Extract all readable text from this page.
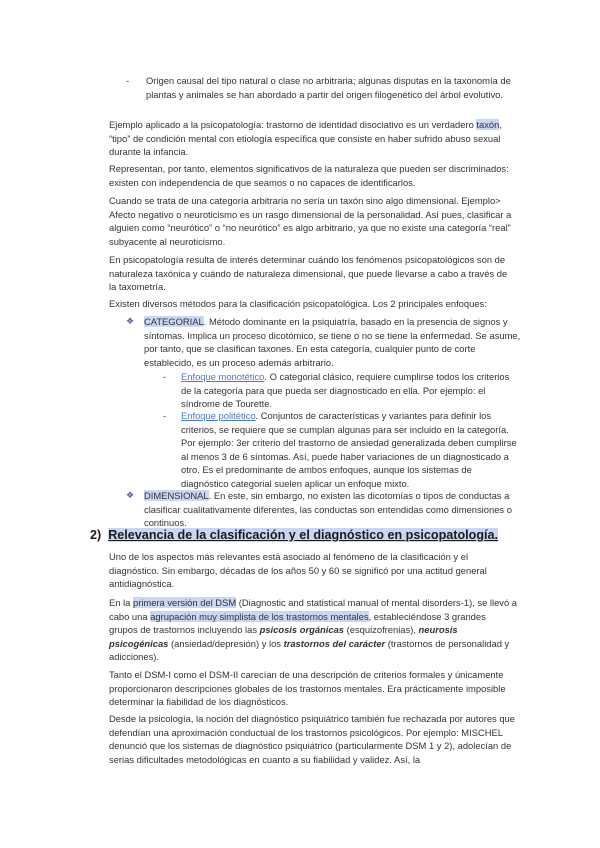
-	Origen causal del tipo natural o clase no arbitraria; algunas disputas en la taxonomía de plantas y animales se han abordado a partir del origen filogenético del árbol evolutivo.

Ejemplo aplicado a la psicopatología: trastorno de identidad disociativo es un verdadero taxón, “tipo” de condición mental con etiología específica que consiste en haber sufrido abuso sexual durante la infancia.

Representan, por tanto, elementos significativos de la naturaleza que pueden ser discriminados: existen con independencia de que seamos o no capaces de identificarlos.

Cuando se trata de una categoría arbitraria no sería un taxón sino algo dimensional. Ejemplo> Afecto negativo o neuroticismo es un rasgo dimensional de la personalidad. Así pues, clasificar a alguien como “neurótico” o “no neurótico” es algo arbitrario, ya que no existe una categoría “real” subyacente al neuroticismo.

En psicopatología resulta de interés determinar cuándo los fenómenos psicopatológicos son de naturaleza taxónica y cuándo de naturaleza dimensional, que puede llevarse a cabo a través de la taxometría.

Existen diversos métodos para la clasificación psicopatológica. Los 2 principales enfoques:

❖ CATEGORIAL. Método dominante en la psiquiatría, basado en la presencia de signos y síntomas. Implica un proceso dicotómico, se tiene o no se tiene la enfermedad. Se asume, por tanto, que se clasifican taxones. En esta categoría, cualquier punto de corte establecido, es un proceso además arbitrario.

-	Enfoque monotético. O categorial clásico, requiere cumplirse todos los criterios de la categoría para que pueda ser diagnosticado en ella. Por ejemplo: el síndrome de Tourette.

-	Enfoque politético. Conjuntos de características y variantes para definir los criterios, se requiere que se cumplan algunas para ser incluido en la categoría. Por ejemplo: 3er criterio del trastorno de ansiedad generalizada deben cumplirse al menos 3 de 6 síntomas. Así, puede haber variaciones de un diagnosticado a otro. Es el predominante de ambos enfoques, aunque los sistemas de diagnóstico categorial suelen aplicar un enfoque mixto.

❖ DIMENSIONAL. En este, sin embargo, no existen las dicotomías o tipos de conductas a clasificar cualitativamente diferentes, las conductas son entendidas como dimensiones o continuos.

2) Relevancia de la clasificación y el diagnóstico en psicopatología.

Uno de los aspectos más relevantes está asociado al fenómeno de la clasificación y el diagnóstico. Sin embargo, décadas de los años 50 y 60 se significó por una actitud general antidiagnóstica.

En la primera versión del DSM (Diagnostic and statistical manual of mental disorders-1), se llevó a cabo una agrupación muy simplista de los trastornos mentales, estableciéndose 3 grandes grupos de trastornos incluyendo las psicosis orgánicas (esquizofrenias), neurosis psicogénicas (ansiedad/depresión) y los trastornos del carácter (trastornos de personalidad y adicciones).

Tanto el DSM-I como el DSM-II carecían de una descripción de criterios formales y únicamente proporcionaron descripciones globales de los trastornos mentales. Era prácticamente imposible determinar la fiabilidad de los diagnósticos.

Desde la psicología, la noción del diagnóstico psiquiátrico también fue rechazada por autores que defendían una aproximación conductual de los trastornos psicológicos. Por ejemplo: MISCHEL denunció que los sistemas de diagnóstico psiquiátrico (particularmente DSM 1 y 2), adolecían de serias dificultades metodológicas en cuanto a su fiabilidad y validez. Así, la
